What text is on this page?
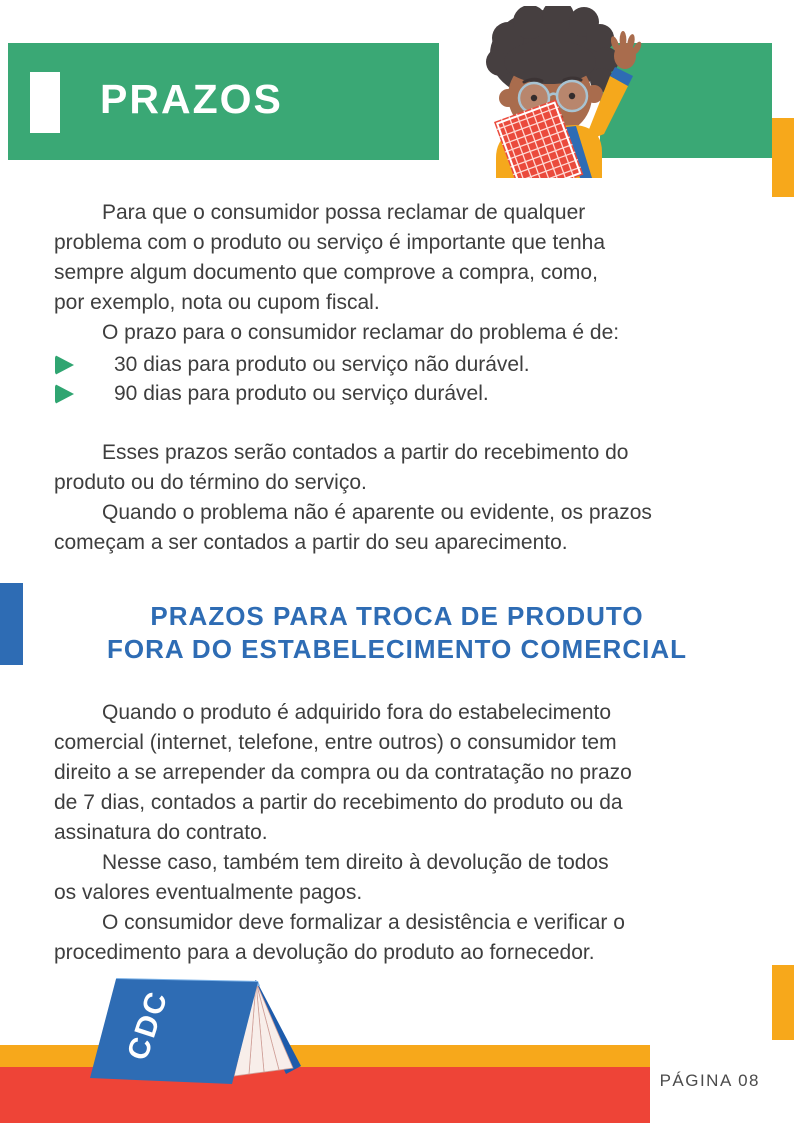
PRAZOS
Para que o consumidor possa reclamar de qualquer
problema com o produto ou serviço é importante que tenha
sempre algum documento que comprove a compra, como,
por exemplo, nota ou cupom fiscal.
O prazo para o consumidor reclamar do problema é de:
30 dias para produto ou serviço não durável.
90 dias para produto ou serviço durável.
Esses prazos serão contados a partir do recebimento do
produto ou do término do serviço.
Quando o problema não é aparente ou evidente, os prazos
começam a ser contados a partir do seu aparecimento.
PRAZOS PARA TROCA DE PRODUTO
FORA DO ESTABELECIMENTO COMERCIAL
Quando o produto é adquirido fora do estabelecimento
comercial (internet, telefone, entre outros) o consumidor tem
direito a se arrepender da compra ou da contratação no prazo
de 7 dias, contados a partir do recebimento do produto ou da
assinatura do contrato.
Nesse caso, também tem direito à devolução de todos
os valores eventualmente pagos.
O consumidor deve formalizar a desistência e verificar o
procedimento para a devolução do produto ao fornecedor.
CDC
PÁGINA 08
